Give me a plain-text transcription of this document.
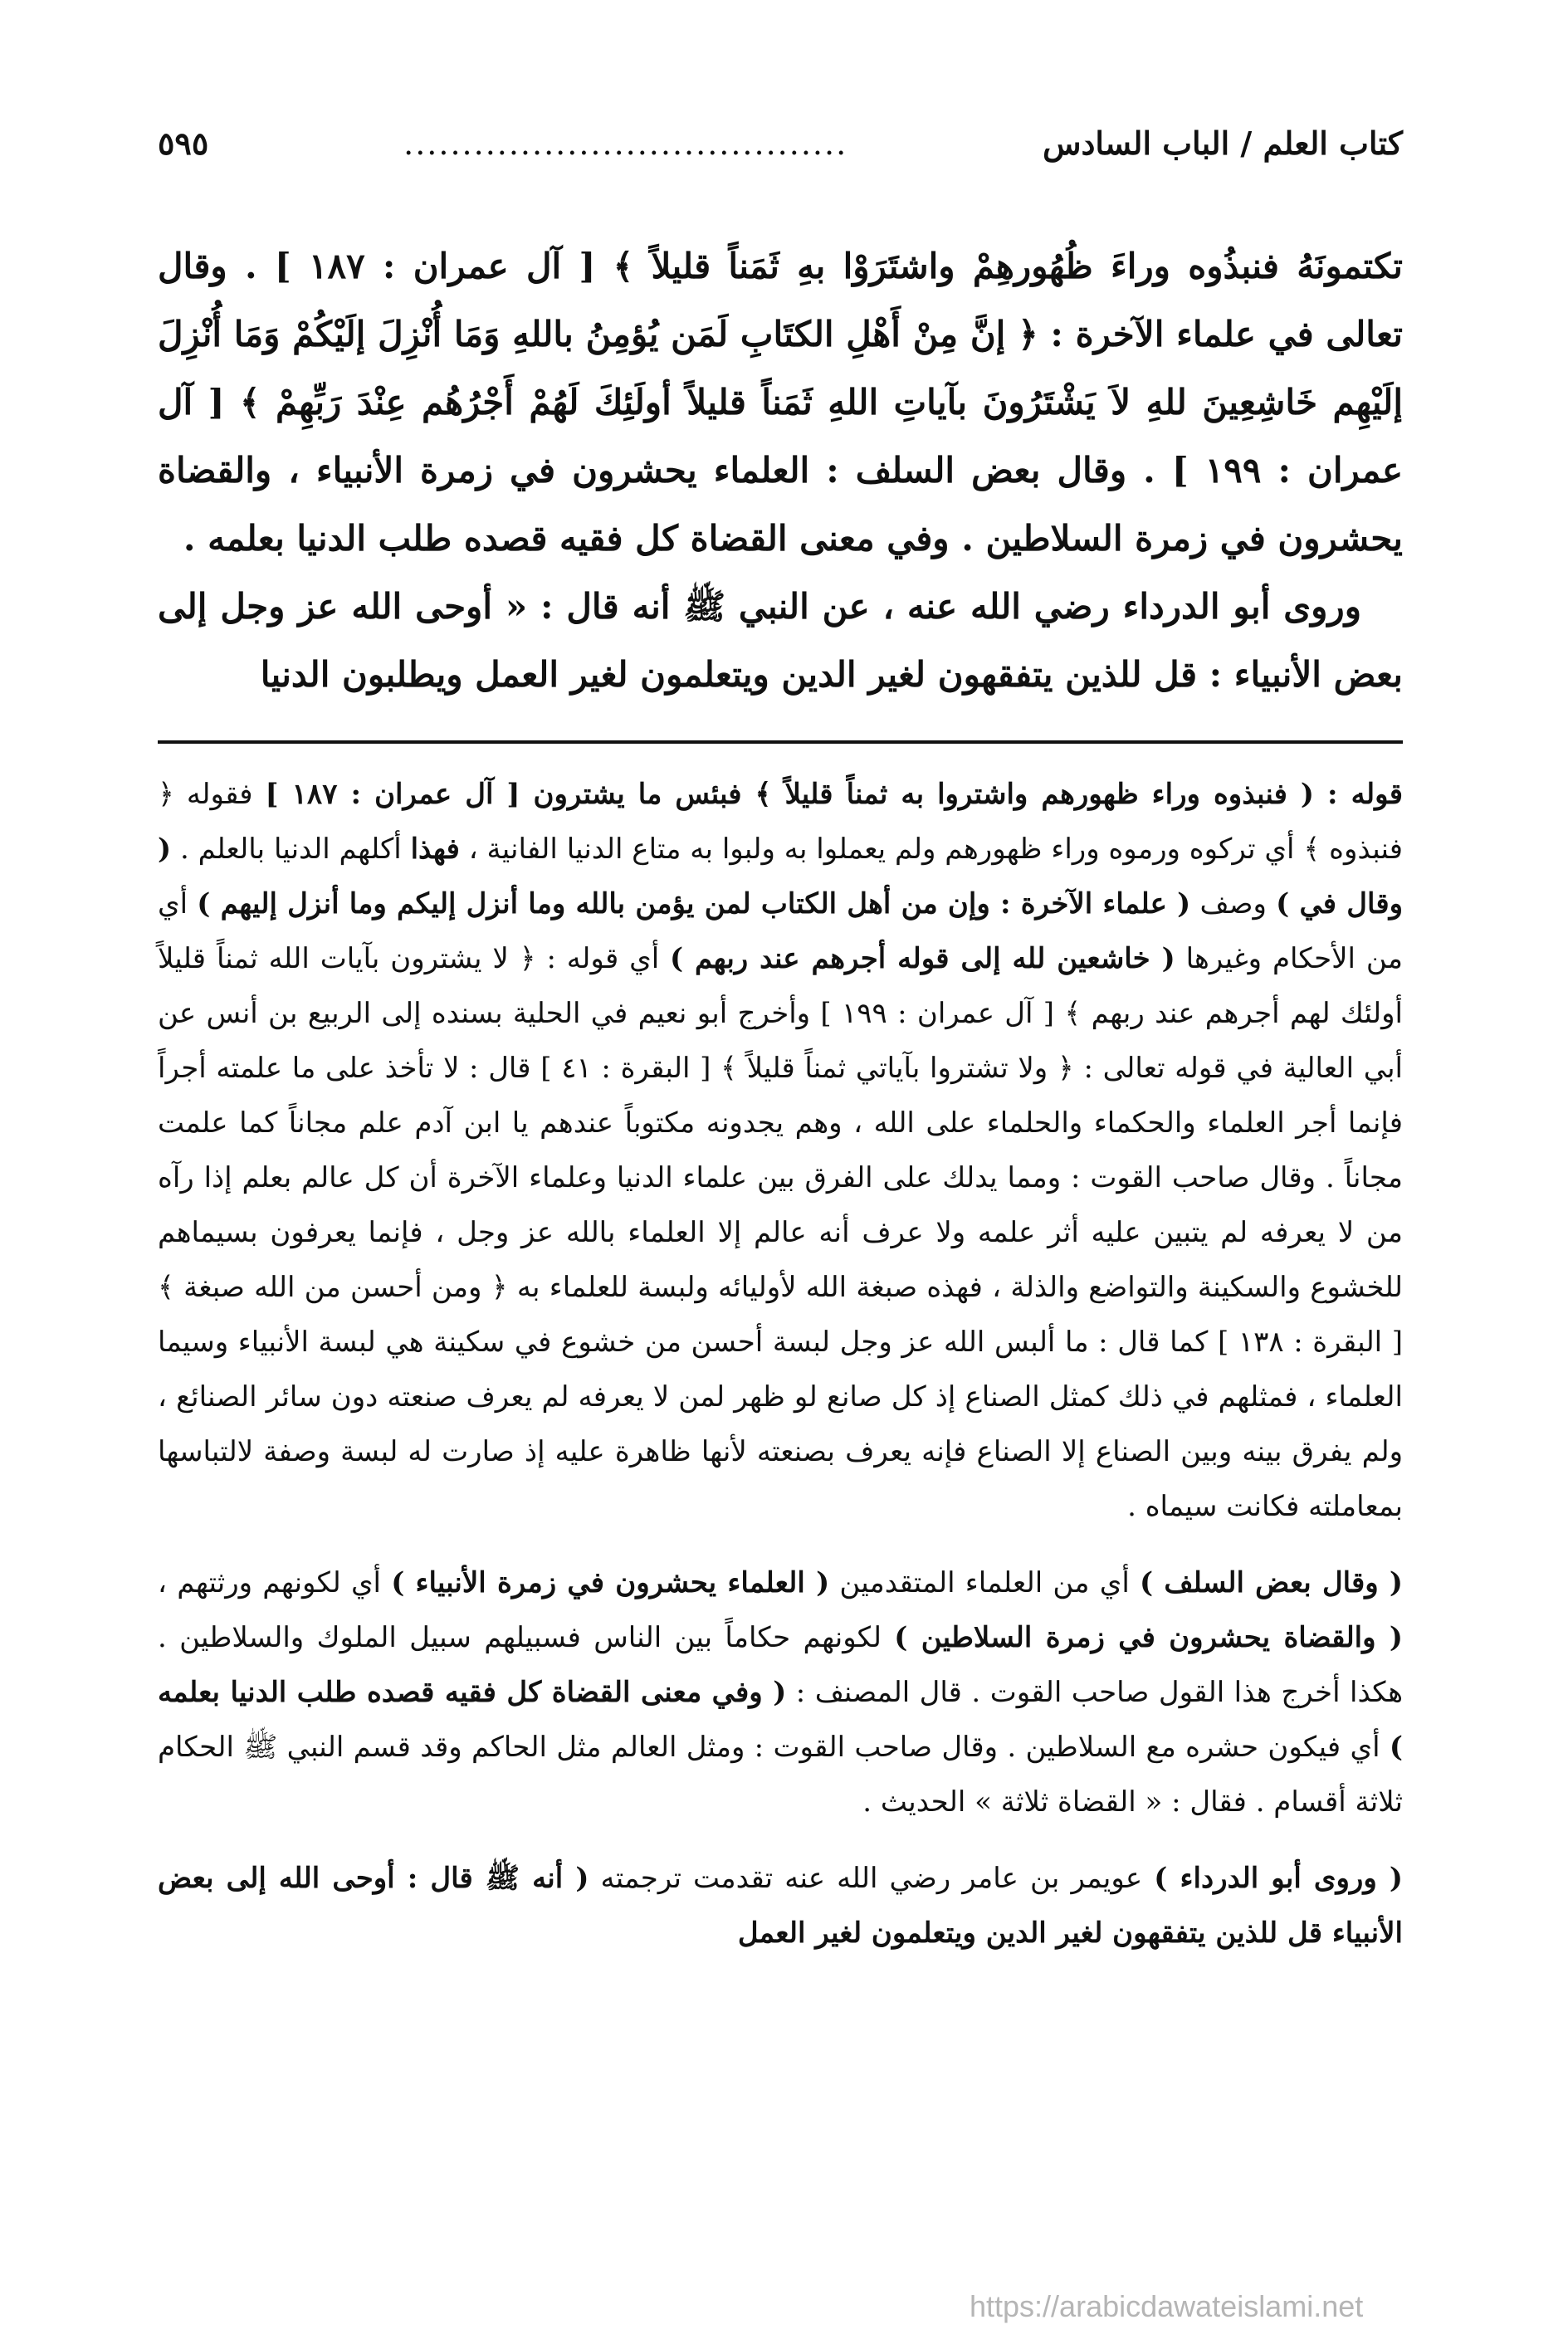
كتاب العلم / الباب السادس
......................................
٥٩٥

تكتمونَهُ فنبذُوه وراءَ ظُهُورهِمْ واشتَرَوْا بهِ ثَمَناً قليلاً ﴾ [ آل عمران : ١٨٧ ] . وقال تعالى في علماء الآخرة : ﴿ إنَّ مِنْ أَهْلِ الكتَابِ لَمَن يُؤمِنُ باللهِ وَمَا أُنْزِلَ إلَيْكُمْ وَمَا أُنْزِلَ إلَيْهِم خَاشِعِينَ للهِ لاَ يَشْتَرُونَ بآياتِ اللهِ ثَمَناً قليلاً أولَئِكَ لَهُمْ أَجْرُهُم عِنْدَ رَبِّهِمْ ﴾ [ آل عمران : ١٩٩ ] . وقال بعض السلف : العلماء يحشرون في زمرة الأنبياء ، والقضاة يحشرون في زمرة السلاطين . وفي معنى القضاة كل فقيه قصده طلب الدنيا بعلمه .

وروى أبو الدرداء رضي الله عنه ، عن النبي ﷺ أنه قال : « أوحى الله عز وجل إلى بعض الأنبياء : قل للذين يتفقهون لغير الدين ويتعلمون لغير العمل ويطلبون الدنيا

قوله : ( فنبذوه وراء ظهورهم واشتروا به ثمناً قليلاً ﴾ فبئس ما يشترون [ آل عمران : ١٨٧ ] فقوله ﴿ فنبذوه ﴾ أي تركوه ورموه وراء ظهورهم ولم يعملوا به ولبوا به متاع الدنيا الفانية ، فهذا أكلهم الدنيا بالعلم . ( وقال في ) وصف ( علماء الآخرة : وإن من أهل الكتاب لمن يؤمن بالله وما أنزل إليكم وما أنزل إليهم ) أي من الأحكام وغيرها ( خاشعين لله إلى قوله أجرهم عند ربهم ) أي قوله : ﴿ لا يشترون بآيات الله ثمناً قليلاً أولئك لهم أجرهم عند ربهم ﴾ [ آل عمران : ١٩٩ ] وأخرج أبو نعيم في الحلية بسنده إلى الربيع بن أنس عن أبي العالية في قوله تعالى : ﴿ ولا تشتروا بآياتي ثمناً قليلاً ﴾ [ البقرة : ٤١ ] قال : لا تأخذ على ما علمته أجراً فإنما أجر العلماء والحكماء والحلماء على الله ، وهم يجدونه مكتوباً عندهم يا ابن آدم علم مجاناً كما علمت مجاناً . وقال صاحب القوت : ومما يدلك على الفرق بين علماء الدنيا وعلماء الآخرة أن كل عالم بعلم إذا رآه من لا يعرفه لم يتبين عليه أثر علمه ولا عرف أنه عالم إلا العلماء بالله عز وجل ، فإنما يعرفون بسيماهم للخشوع والسكينة والتواضع والذلة ، فهذه صبغة الله لأوليائه ولبسة للعلماء به ﴿ ومن أحسن من الله صبغة ﴾ [ البقرة : ١٣٨ ] كما قال : ما ألبس الله عز وجل لبسة أحسن من خشوع في سكينة هي لبسة الأنبياء وسيما العلماء ، فمثلهم في ذلك كمثل الصناع إذ كل صانع لو ظهر لمن لا يعرفه لم يعرف صنعته دون سائر الصنائع ، ولم يفرق بينه وبين الصناع إلا الصناع فإنه يعرف بصنعته لأنها ظاهرة عليه إذ صارت له لبسة وصفة لالتباسها بمعاملته فكانت سيماه .

( وقال بعض السلف ) أي من العلماء المتقدمين ( العلماء يحشرون في زمرة الأنبياء ) أي لكونهم ورثتهم ، ( والقضاة يحشرون في زمرة السلاطين ) لكونهم حكاماً بين الناس فسبيلهم سبيل الملوك والسلاطين . هكذا أخرج هذا القول صاحب القوت . قال المصنف : ( وفي معنى القضاة كل فقيه قصده طلب الدنيا بعلمه ) أي فيكون حشره مع السلاطين . وقال صاحب القوت : ومثل العالم مثل الحاكم وقد قسم النبي ﷺ الحكام ثلاثة أقسام . فقال : « القضاة ثلاثة » الحديث .

( وروى أبو الدرداء ) عويمر بن عامر رضي الله عنه تقدمت ترجمته ( أنه ﷺ قال : أوحى الله إلى بعض الأنبياء قل للذين يتفقهون لغير الدين ويتعلمون لغير العمل

https://arabicdawateislami.net
